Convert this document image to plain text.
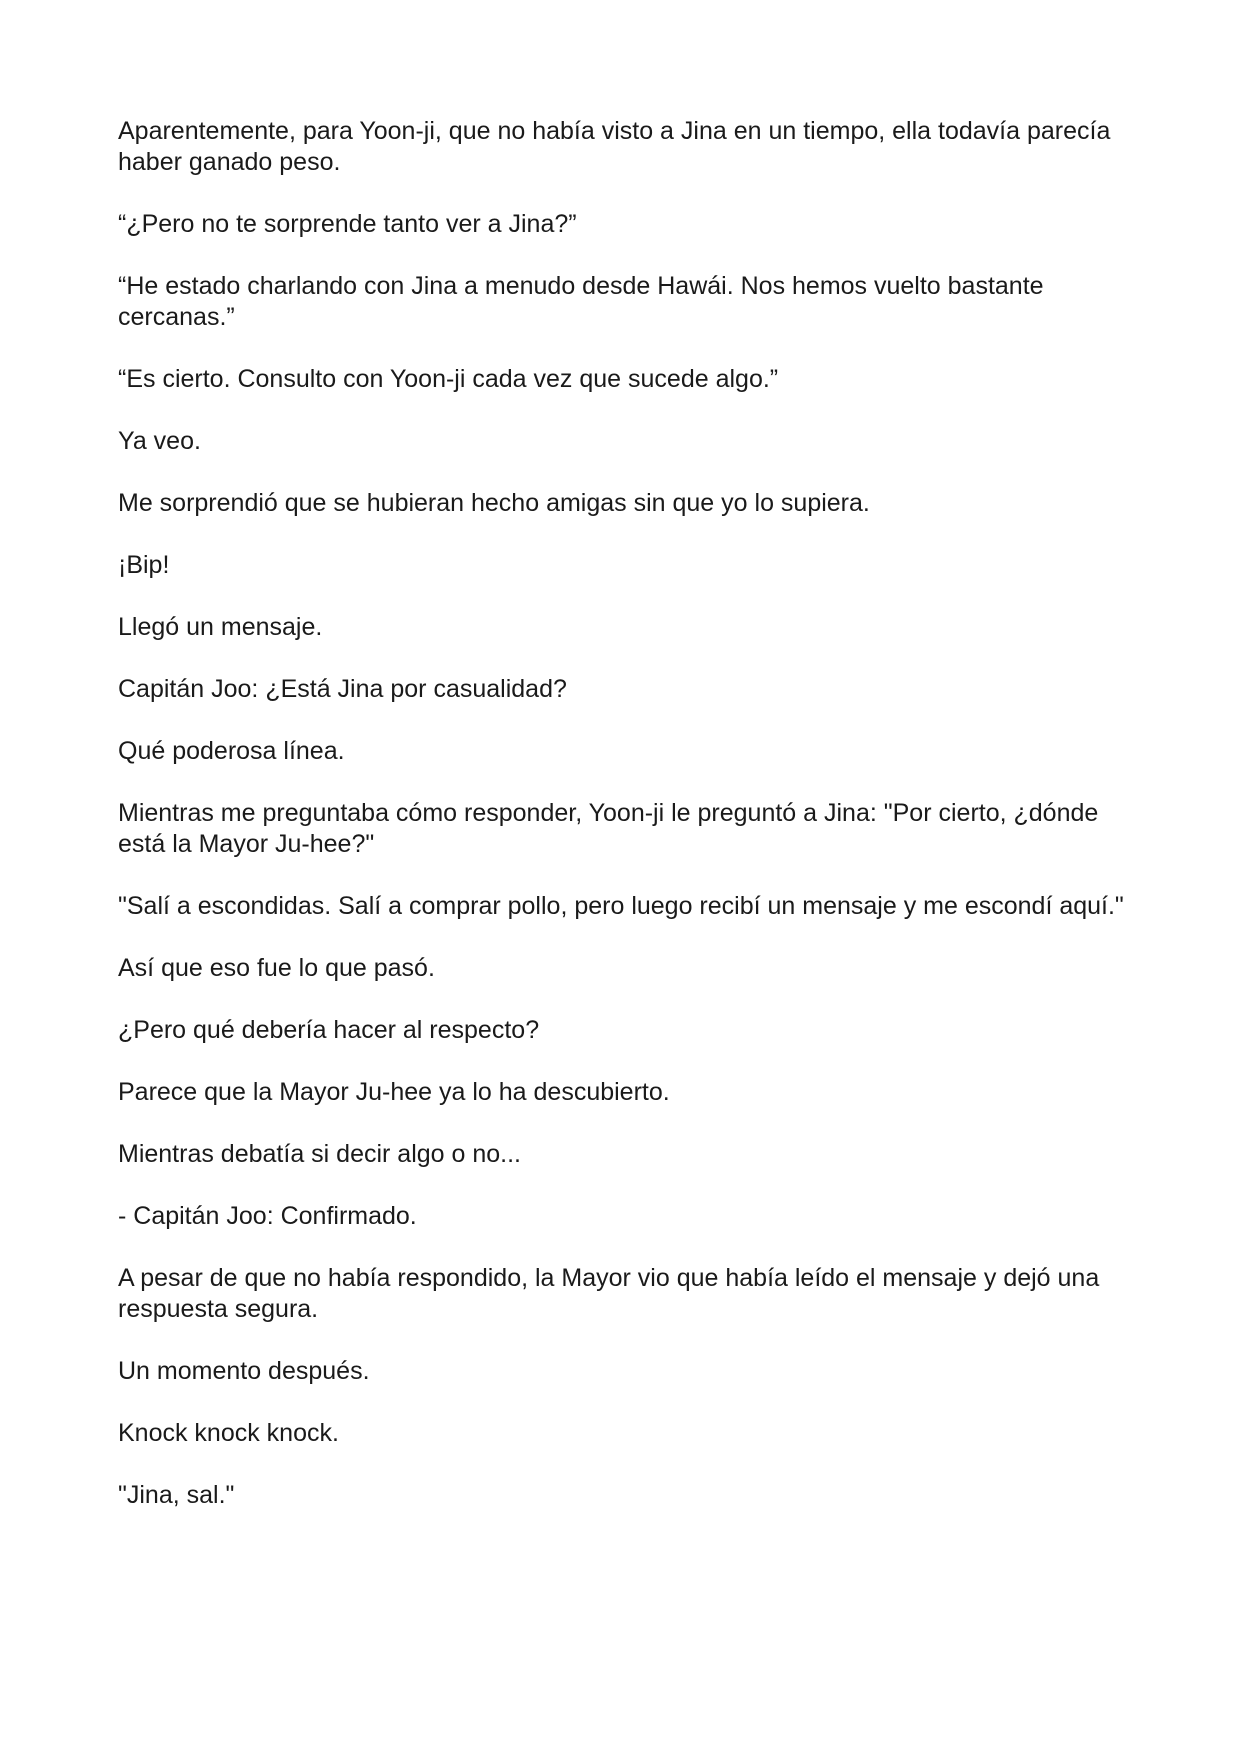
Aparentemente, para Yoon-ji, que no había visto a Jina en un tiempo, ella todavía parecía haber ganado peso.

“¿Pero no te sorprende tanto ver a Jina?”

“He estado charlando con Jina a menudo desde Hawái. Nos hemos vuelto bastante cercanas.”

“Es cierto. Consulto con Yoon-ji cada vez que sucede algo.”

Ya veo.

Me sorprendió que se hubieran hecho amigas sin que yo lo supiera.

¡Bip!

Llegó un mensaje.

Capitán Joo: ¿Está Jina por casualidad?

Qué poderosa línea.

Mientras me preguntaba cómo responder, Yoon-ji le preguntó a Jina: "Por cierto, ¿dónde está la Mayor Ju-hee?"

"Salí a escondidas. Salí a comprar pollo, pero luego recibí un mensaje y me escondí aquí."

Así que eso fue lo que pasó.

¿Pero qué debería hacer al respecto?

Parece que la Mayor Ju-hee ya lo ha descubierto.

Mientras debatía si decir algo o no...

- Capitán Joo: Confirmado.

A pesar de que no había respondido, la Mayor vio que había leído el mensaje y dejó una respuesta segura.

Un momento después.

Knock knock knock.

"Jina, sal."
